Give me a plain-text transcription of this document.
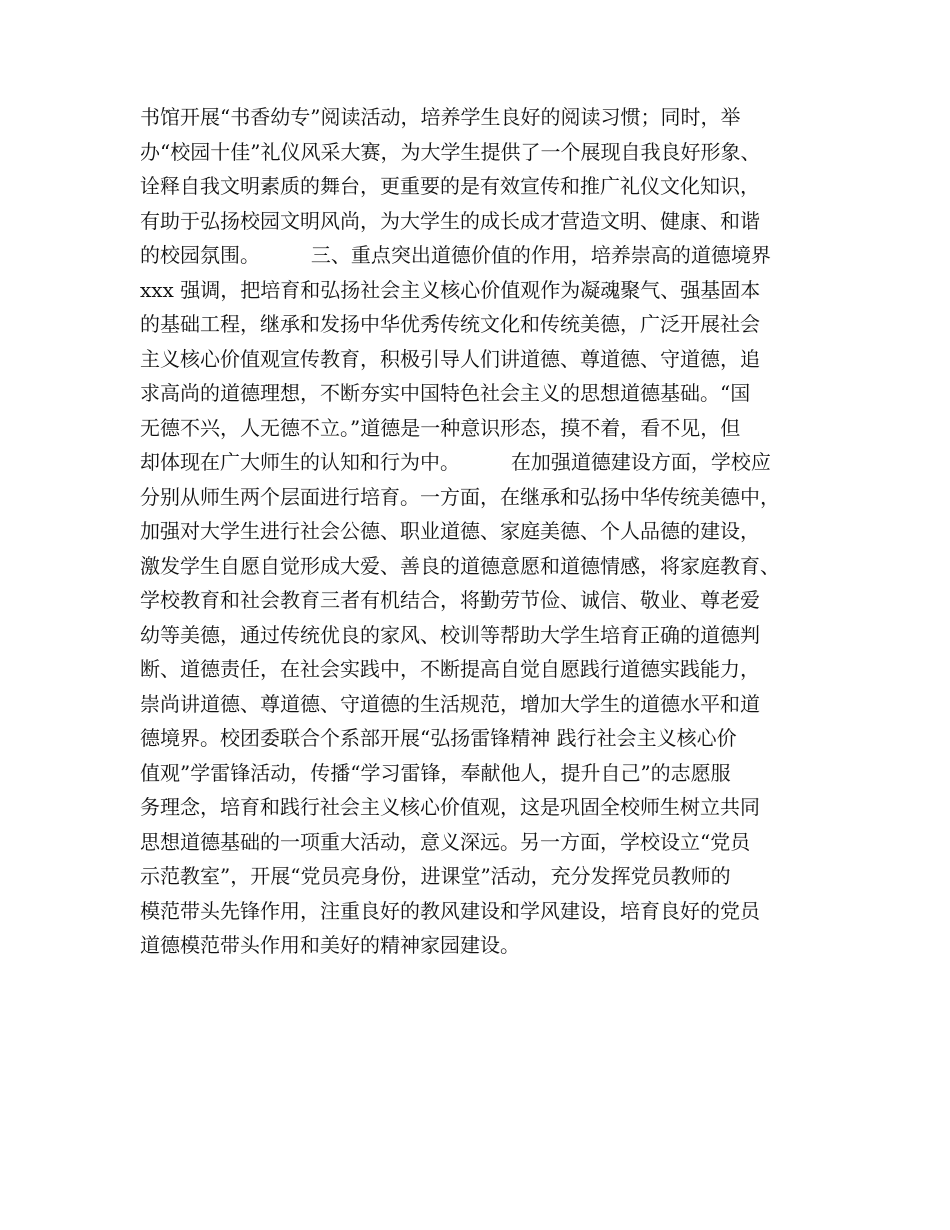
书馆开展“书香幼专”阅读活动，培养学生良好的阅读习惯；同时，举
办“校园十佳”礼仪风采大赛，为大学生提供了一个展现自我良好形象、
诠释自我文明素质的舞台，更重要的是有效宣传和推广礼仪文化知识，
有助于弘扬校园文明风尚，为大学生的成长成才营造文明、健康、和谐
的校园氛围。        三、重点突出道德价值的作用，培养崇高的道德境界
xxx 强调，把培育和弘扬社会主义核心价值观作为凝魂聚气、强基固本
的基础工程，继承和发扬中华优秀传统文化和传统美德，广泛开展社会
主义核心价值观宣传教育，积极引导人们讲道德、尊道德、守道德，追
求高尚的道德理想，不断夯实中国特色社会主义的思想道德基础。“国
无德不兴，人无德不立。”道德是一种意识形态，摸不着，看不见，但
却体现在广大师生的认知和行为中。        在加强道德建设方面，学校应
分别从师生两个层面进行培育。一方面，在继承和弘扬中华传统美德中，
加强对大学生进行社会公德、职业道德、家庭美德、个人品德的建设，
激发学生自愿自觉形成大爱、善良的道德意愿和道德情感，将家庭教育、
学校教育和社会教育三者有机结合，将勤劳节俭、诚信、敬业、尊老爱
幼等美德，通过传统优良的家风、校训等帮助大学生培育正确的道德判
断、道德责任，在社会实践中，不断提高自觉自愿践行道德实践能力，
崇尚讲道德、尊道德、守道德的生活规范，增加大学生的道德水平和道
德境界。校团委联合个系部开展“弘扬雷锋精神 践行社会主义核心价
值观”学雷锋活动，传播“学习雷锋，奉献他人，提升自己”的志愿服
务理念，培育和践行社会主义核心价值观，这是巩固全校师生树立共同
思想道德基础的一项重大活动，意义深远。另一方面，学校设立“党员
示范教室”，开展“党员亮身份，进课堂”活动，充分发挥党员教师的
模范带头先锋作用，注重良好的教风建设和学风建设，培育良好的党员
道德模范带头作用和美好的精神家园建设。
